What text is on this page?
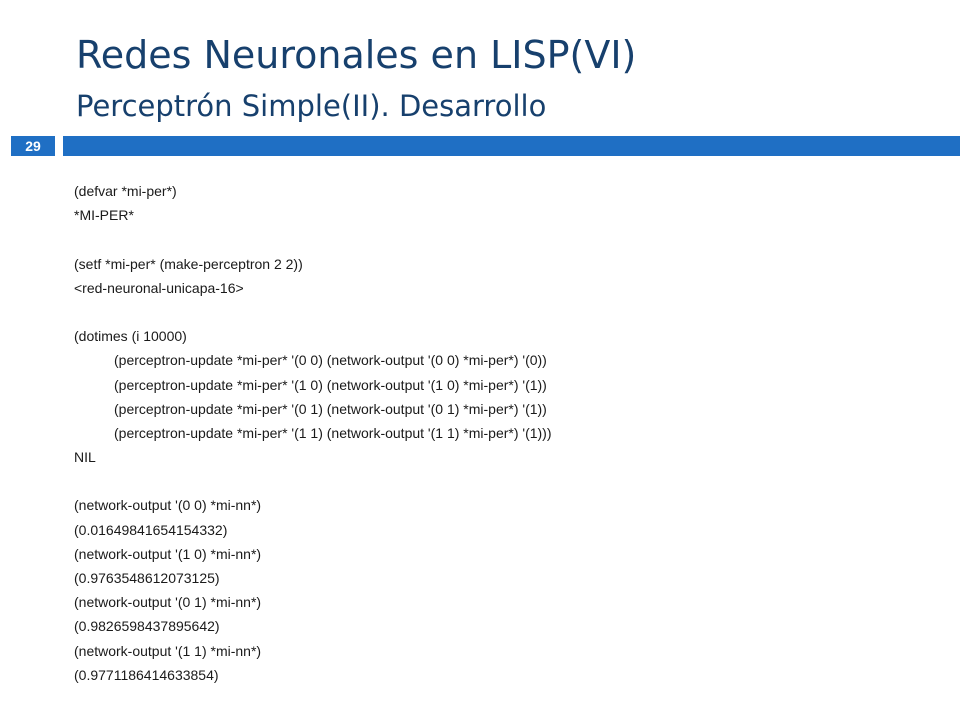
Redes Neuronales en LISP(VI)
Perceptrón Simple(II). Desarrollo
29
(defvar *mi-per*)
*MI-PER*
(setf *mi-per* (make-perceptron 2 2))
<red-neuronal-unicapa-16>
(dotimes (i 10000)
(perceptron-update *mi-per* '(0 0) (network-output '(0 0) *mi-per*) '(0))
(perceptron-update *mi-per* '(1 0) (network-output '(1 0) *mi-per*) '(1))
(perceptron-update *mi-per* '(0 1) (network-output '(0 1) *mi-per*) '(1))
(perceptron-update *mi-per* '(1 1) (network-output '(1 1) *mi-per*) '(1)))
NIL
(network-output '(0 0) *mi-nn*)
(0.01649841654154332)
(network-output '(1 0) *mi-nn*)
(0.9763548612073125)
(network-output '(0 1) *mi-nn*)
(0.9826598437895642)
(network-output '(1 1) *mi-nn*)
(0.9771186414633854)
